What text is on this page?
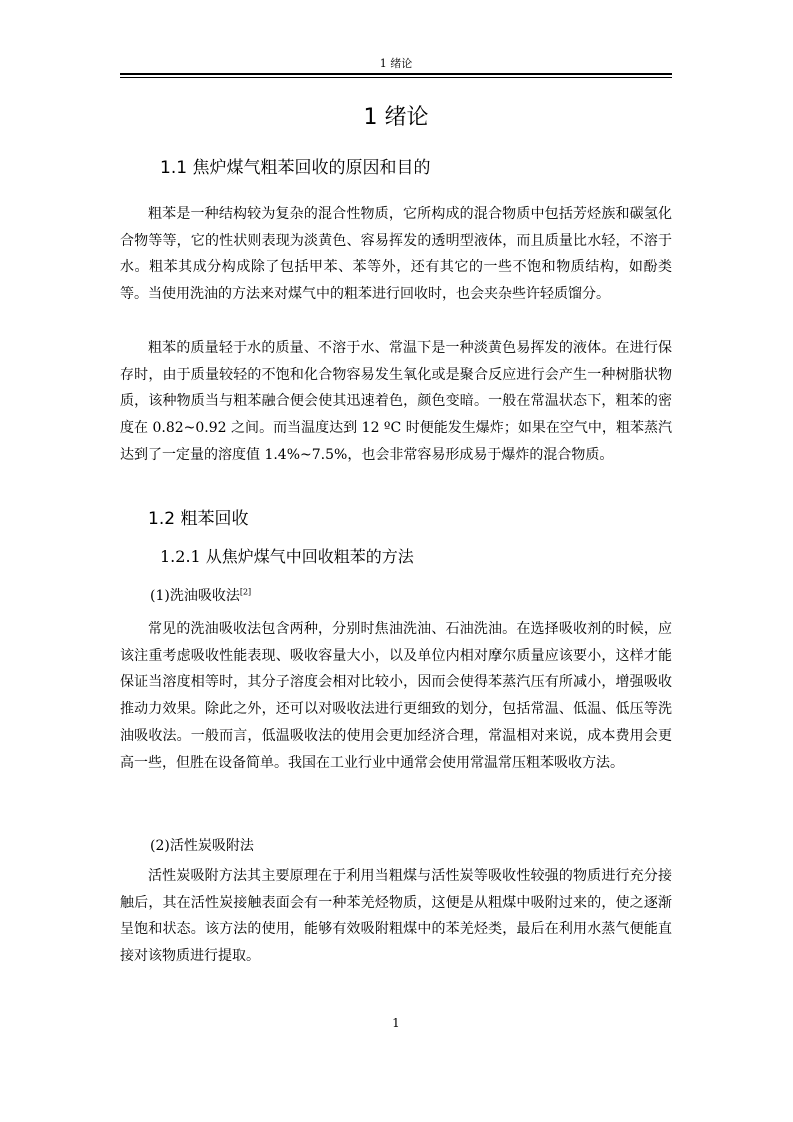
1 绪论
1 绪论
1.1 焦炉煤气粗苯回收的原因和目的

粗苯是一种结构较为复杂的混合性物质，它所构成的混合物质中包括芳烃族和碳氢化合物等等，它的性状则表现为淡黄色、容易挥发的透明型液体，而且质量比水轻，不溶于水。粗苯其成分构成除了包括甲苯、苯等外，还有其它的一些不饱和物质结构，如酚类等。当使用洗油的方法来对煤气中的粗苯进行回收时，也会夹杂些许轻质馏分。

粗苯的质量轻于水的质量、不溶于水、常温下是一种淡黄色易挥发的液体。在进行保存时，由于质量较轻的不饱和化合物容易发生氧化或是聚合反应进行会产生一种树脂状物质，该种物质当与粗苯融合便会使其迅速着色，颜色变暗。一般在常温状态下，粗苯的密度在 0.82~0.92 之间。而当温度达到 12 ºC 时便能发生爆炸；如果在空气中，粗苯蒸汽达到了一定量的溶度值 1.4%~7.5%，也会非常容易形成易于爆炸的混合物质。

1.2 粗苯回收
1.2.1 从焦炉煤气中回收粗苯的方法
(1)洗油吸收法[2]

常见的洗油吸收法包含两种，分别时焦油洗油、石油洗油。在选择吸收剂的时候，应该注重考虑吸收性能表现、吸收容量大小，以及单位内相对摩尔质量应该要小，这样才能保证当溶度相等时，其分子溶度会相对比较小，因而会使得苯蒸汽压有所减小，增强吸收推动力效果。除此之外，还可以对吸收法进行更细致的划分，包括常温、低温、低压等洗油吸收法。一般而言，低温吸收法的使用会更加经济合理，常温相对来说，成本费用会更高一些，但胜在设备简单。我国在工业行业中通常会使用常温常压粗苯吸收方法。

(2)活性炭吸附法

活性炭吸附方法其主要原理在于利用当粗煤与活性炭等吸收性较强的物质进行充分接触后，其在活性炭接触表面会有一种苯羌烃物质，这便是从粗煤中吸附过来的，使之逐渐呈饱和状态。该方法的使用，能够有效吸附粗煤中的苯羌烃类，最后在利用水蒸气便能直接对该物质进行提取。

1
